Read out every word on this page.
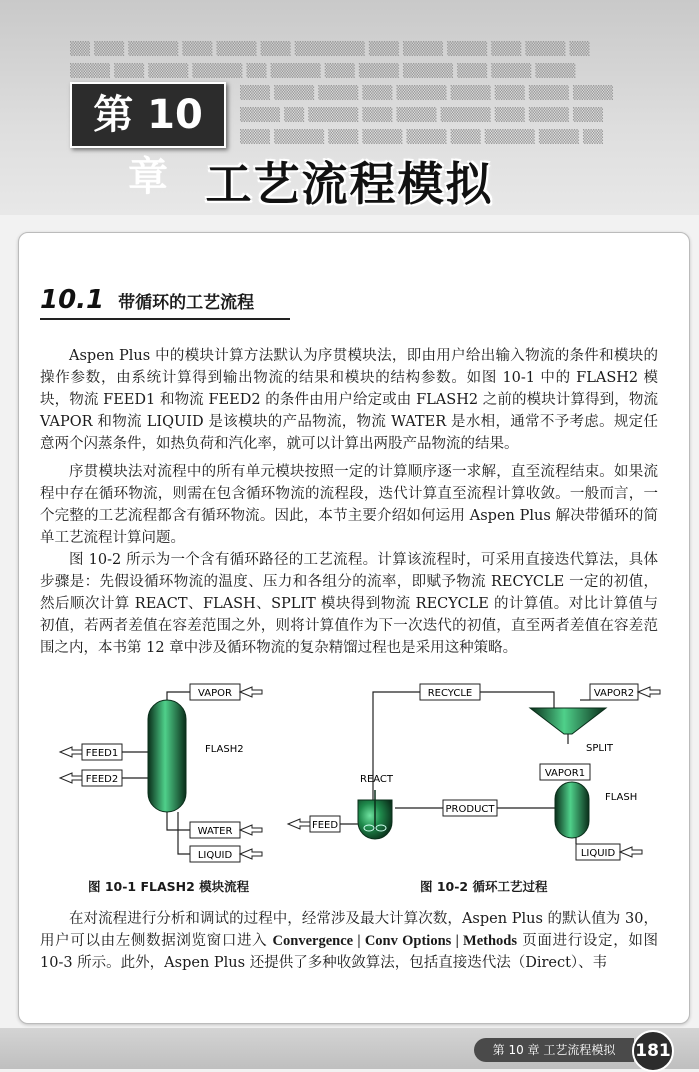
▒▒ ▒▒▒ ▒▒▒▒▒ ▒▒▒ ▒▒▒▒ ▒▒▒ ▒▒▒▒▒▒▒ ▒▒▒ ▒▒▒▒ ▒▒▒▒ ▒▒▒ ▒▒▒▒ ▒▒
▒▒▒▒ ▒▒▒ ▒▒▒▒ ▒▒▒▒▒ ▒▒ ▒▒▒▒▒ ▒▒▒ ▒▒▒▒ ▒▒▒▒▒ ▒▒▒ ▒▒▒▒ ▒▒▒▒
▒▒▒ ▒▒▒▒ ▒▒▒▒ ▒▒▒ ▒▒▒▒▒ ▒▒▒▒ ▒▒▒ ▒▒▒▒ ▒▒▒▒
▒▒▒▒ ▒▒ ▒▒▒▒▒ ▒▒▒ ▒▒▒▒ ▒▒▒▒▒ ▒▒▒ ▒▒▒▒ ▒▒▒
▒▒▒ ▒▒▒▒▒ ▒▒▒ ▒▒▒▒ ▒▒▒▒ ▒▒▒ ▒▒▒▒▒ ▒▒▒▒ ▒▒
第 10 章 工艺流程模拟
10.1 带循环的工艺流程

Aspen Plus 中的模块计算方法默认为序贯模块法，即由用户给出输入物流的条件和模块的操作参数，由系统计算得到输出物流的结果和模块的结构参数。如图 10-1 中的 FLASH2 模块，物流 FEED1 和物流 FEED2 的条件由用户给定或由 FLASH2 之前的模块计算得到，物流 VAPOR 和物流 LIQUID 是该模块的产品物流，物流 WATER 是水相，通常不予考虑。规定任意两个闪蒸条件，如热负荷和汽化率，就可以计算出两股产品物流的结果。

序贯模块法对流程中的所有单元模块按照一定的计算顺序逐一求解，直至流程结束。如果流程中存在循环物流，则需在包含循环物流的流程段，迭代计算直至流程计算收敛。一般而言，一个完整的工艺流程都含有循环物流。因此，本节主要介绍如何运用 Aspen Plus 解决带循环的简单工艺流程计算问题。

图 10-2 所示为一个含有循环路径的工艺流程。计算该流程时，可采用直接迭代算法，具体步骤是：先假设循环物流的温度、压力和各组分的流率，即赋予物流 RECYCLE 一定的初值，然后顺次计算 REACT、FLASH、SPLIT 模块得到物流 RECYCLE 的计算值。对比计算值与初值，若两者差值在容差范围之外，则将计算值作为下一次迭代的初值，直至两者差值在容差范围之内，本书第 12 章中涉及循环物流的复杂精馏过程也是采用这种策略。

VAPOR
FEED1
FEED2
FLASH2
WATER
LIQUID
RECYCLE	VAPOR2
SPLIT
VAPOR1
FLASH
LIQUID
FEED
REACT
PRODUCT
图 10-1 FLASH2 模块流程	图 10-2 循环工艺过程

在对流程进行分析和调试的过程中，经常涉及最大计算次数，Aspen Plus 的默认值为 30，用户可以由左侧数据浏览窗口进入 Convergence | Conv Options | Methods 页面进行设定，如图 10-3 所示。此外，Aspen Plus 还提供了多种收敛算法，包括直接迭代法（Direct）、韦

第 10 章 工艺流程模拟	181
